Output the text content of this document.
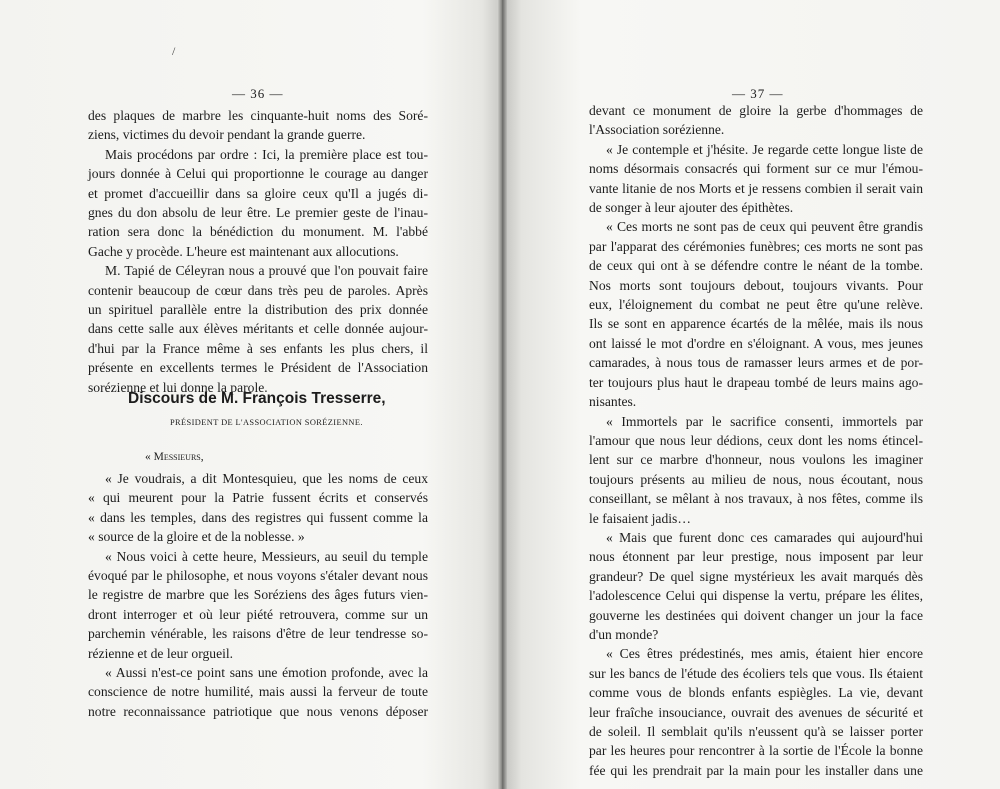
/
— 36 —
des plaques de marbre les cinquante-huit noms des Soré-
ziens, victimes du devoir pendant la grande guerre.
Mais procédons par ordre : Ici, la première place est tou-
jours donnée à Celui qui proportionne le courage au danger
et promet d'accueillir dans sa gloire ceux qu'Il a jugés di-
gnes du don absolu de leur être. Le premier geste de l'inau-
ration sera donc la bénédiction du monument. M. l'abbé
Gache y procède. L'heure est maintenant aux allocutions.
M. Tapié de Céleyran nous a prouvé que l'on pouvait faire
contenir beaucoup de cœur dans très peu de paroles. Après
un spirituel parallèle entre la distribution des prix donnée
dans cette salle aux élèves méritants et celle donnée aujour-
d'hui par la France même à ses enfants les plus chers, il
présente en excellents termes le Président de l'Association
sorézienne et lui donne la parole.
Discours de M. François Tresserre,
PRÉSIDENT DE L'ASSOCIATION SORÉZIENNE.
« Messieurs,
« Je voudrais, a dit Montesquieu, que les noms de ceux
« qui meurent pour la Patrie fussent écrits et conservés
« dans les temples, dans des registres qui fussent comme la
« source de la gloire et de la noblesse. »
« Nous voici à cette heure, Messieurs, au seuil du temple
évoqué par le philosophe, et nous voyons s'étaler devant nous
le registre de marbre que les Soréziens des âges futurs vien-
dront interroger et où leur piété retrouvera, comme sur un
parchemin vénérable, les raisons d'être de leur tendresse so-
rézienne et de leur orgueil.
« Aussi n'est-ce point sans une émotion profonde, avec la
conscience de notre humilité, mais aussi la ferveur de toute
notre reconnaissance patriotique que nous venons déposer
— 37 —
devant ce monument de gloire la gerbe d'hommages de
l'Association sorézienne.
« Je contemple et j'hésite. Je regarde cette longue liste de
noms désormais consacrés qui forment sur ce mur l'émou-
vante litanie de nos Morts et je ressens combien il serait vain
de songer à leur ajouter des épithètes.
« Ces morts ne sont pas de ceux qui peuvent être grandis
par l'apparat des cérémonies funèbres; ces morts ne sont pas
de ceux qui ont à se défendre contre le néant de la tombe.
Nos morts sont toujours debout, toujours vivants. Pour
eux, l'éloignement du combat ne peut être qu'une relève.
Ils se sont en apparence écartés de la mêlée, mais ils nous
ont laissé le mot d'ordre en s'éloignant. A vous, mes jeunes
camarades, à nous tous de ramasser leurs armes et de por-
ter toujours plus haut le drapeau tombé de leurs mains ago-
nisantes.
« Immortels par le sacrifice consenti, immortels par
l'amour que nous leur dédions, ceux dont les noms étincel-
lent sur ce marbre d'honneur, nous voulons les imaginer
toujours présents au milieu de nous, nous écoutant, nous
conseillant, se mêlant à nos travaux, à nos fêtes, comme ils
le faisaient jadis…
« Mais que furent donc ces camarades qui aujourd'hui
nous étonnent par leur prestige, nous imposent par leur
grandeur? De quel signe mystérieux les avait marqués dès
l'adolescence Celui qui dispense la vertu, prépare les élites,
gouverne les destinées qui doivent changer un jour la face
d'un monde?
« Ces êtres prédestinés, mes amis, étaient hier encore
sur les bancs de l'étude des écoliers tels que vous. Ils étaient
comme vous de blonds enfants espiègles. La vie, devant
leur fraîche insouciance, ouvrait des avenues de sécurité et
de soleil. Il semblait qu'ils n'eussent qu'à se laisser porter
par les heures pour rencontrer à la sortie de l'École la bonne
fée qui les prendrait par la main pour les installer dans une
